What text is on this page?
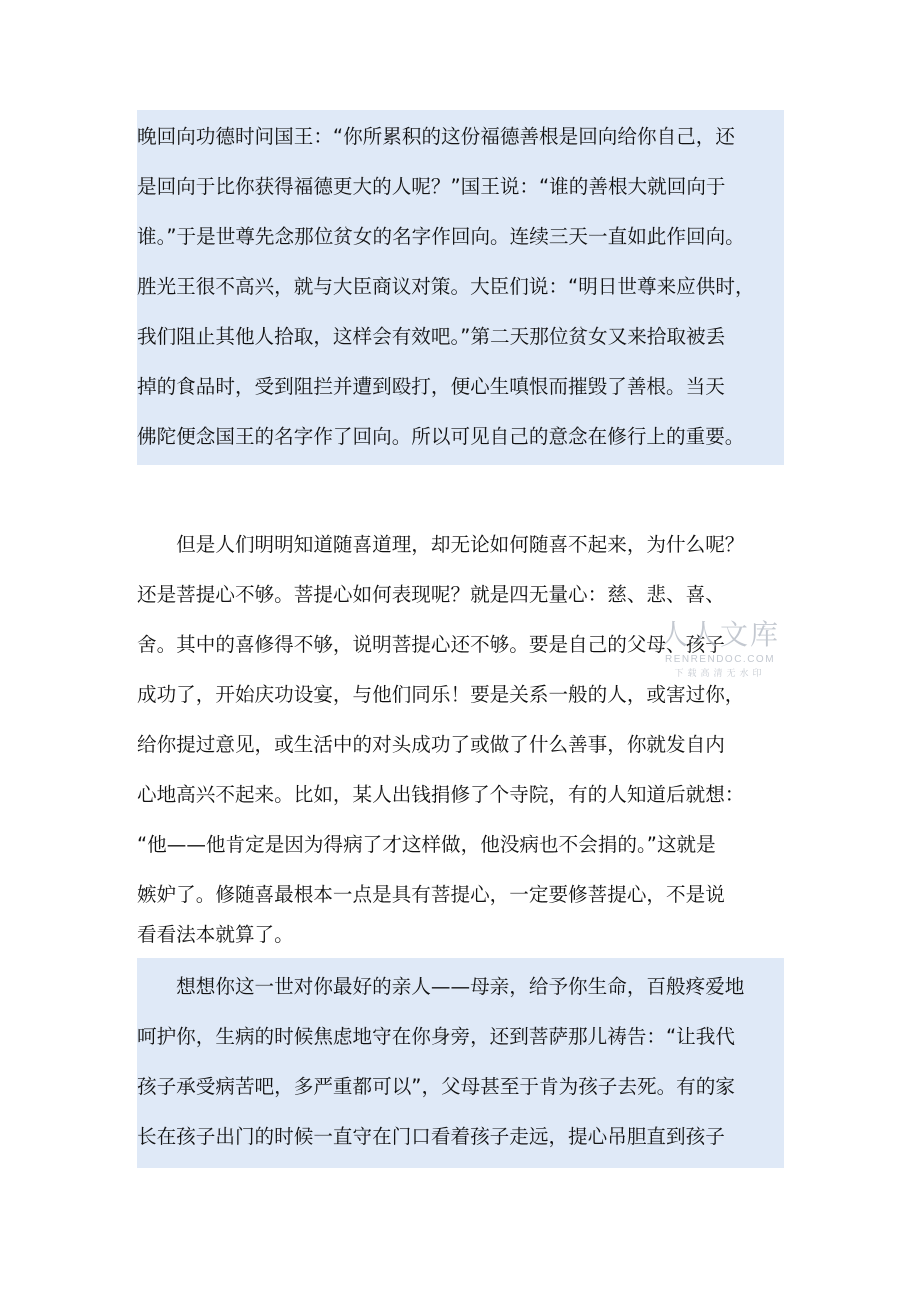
晚回向功德时问国王：“你所累积的这份福德善根是回向给你自己，还
是回向于比你获得福德更大的人呢？”国王说：“谁的善根大就回向于
谁。”于是世尊先念那位贫女的名字作回向。连续三天一直如此作回向。
胜光王很不高兴，就与大臣商议对策。大臣们说：“明日世尊来应供时，
我们阻止其他人拾取，这样会有效吧。”第二天那位贫女又来拾取被丢
掉的食品时，受到阻拦并遭到殴打，便心生嗔恨而摧毁了善根。当天
佛陀便念国王的名字作了回向。所以可见自己的意念在修行上的重要。
　　但是人们明明知道随喜道理，却无论如何随喜不起来，为什么呢？
还是菩提心不够。菩提心如何表现呢？就是四无量心：慈、悲、喜、
舍。其中的喜修得不够，说明菩提心还不够。要是自己的父母、孩子
成功了，开始庆功设宴，与他们同乐！要是关系一般的人，或害过你，
给你提过意见，或生活中的对头成功了或做了什么善事，你就发自内
心地高兴不起来。比如，某人出钱捐修了个寺院，有的人知道后就想：
“他——他肯定是因为得病了才这样做，他没病也不会捐的。”这就是
嫉妒了。修随喜最根本一点是具有菩提心，一定要修菩提心，不是说
看看法本就算了。
　　想想你这一世对你最好的亲人——母亲，给予你生命，百般疼爱地
呵护你，生病的时候焦虑地守在你身旁，还到菩萨那儿祷告：“让我代
孩子承受病苦吧，多严重都可以”，父母甚至于肯为孩子去死。有的家
长在孩子出门的时候一直守在门口看着孩子走远，提心吊胆直到孩子
人人文库
RENRENDOC.COM
下载高清无水印
